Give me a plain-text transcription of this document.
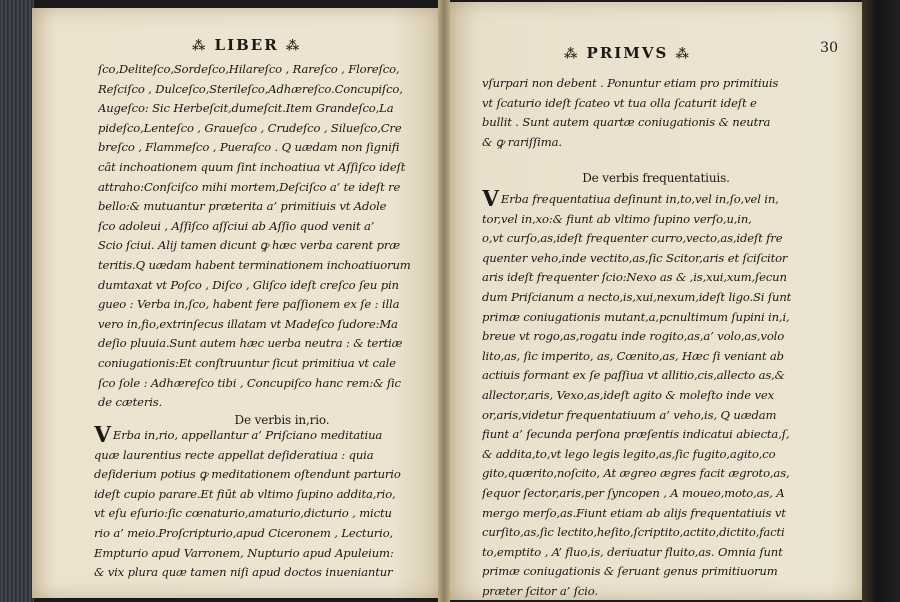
⁂ LIBER ⁂
ſco,Deliteſco,Sordeſco,Hilareſco , Rareſco , Floreſco,
Reſciſco , Dulceſco,Sterileſco,Adhæreſco.Concupiſco,
Augeſco: Sic Herbeſcit,dumeſcit.Item Grandeſco,La
pideſco,Lenteſco , Graueſco , Crudeſco , Siluеſco,Cre
breſco , Flammeſco , Pueraſco . Q uædam non ſignifi
cāt inchoationem quum ſint inchoatiua vt Aſſiſco ideſt
attraho:Conſciſco mihi mortem,Deſciſco a’ te ideſt re
bello:& mutuantur præterita a’ primitiuis vt Adole
ſco adoleui , Aſſiſco aſſciui ab Aſſio quod venit a’
Scio ſciui. Alij tamen dicunt ꝙ hæc verba carent præ
teritis.Q uædam habent terminationem inchoatiuorum
dumtaxat vt Poſco , Diſco , Gliſco ideſt creſco ſeu pin
gueo : Verba in,ſco, habent fere paſſionem ex ſe : illa
vero in,fio,extrinſecus illatam vt Madeſco ſudore:Ma
deſio pluuia.Sunt autem hæc uerba neutra : & tertiæ
coniugationis:Et conſtruuntur ſicut primitiua vt cale
ſco ſole : Adhæreſco tibi , Concupiſco hanc rem:& ſic
de cæteris.
De verbis in,rio.
V Erba in,rio, appellantur a’ Priſciano meditatiua
quæ laurentius recte appellat deſideratiua : quia
deſiderium potius ꝙ meditationem oſtendunt parturio
ideſt cupio parare.Et fiūt ab vltimo ſupino addita,rio,
vt eſu eſurio:ſic cœnaturio,amaturio,dicturio , mictu
rio a’ meio.Proſcripturio,apud Ciceronem , Lecturio,
Empturio apud Varronem, Nupturio apud Apuleium:
& vix plura quæ tamen niſi apud doctos inueniantur
⁂ PRIMVS ⁂	30
vſurpari non debent . Ponuntur etiam pro primitiuis
vt ſcaturio ideſt ſcateo vt tua olla ſcaturit ideſt e
bullit . Sunt autem quartæ coniugationis & neutra
& ꝙ rariſſima.
De verbis frequentatiuis.
V Erba frequentatiua deſinunt in,to,vel in,ſo,vel in,
tor,vel in,xo:& fiunt ab vltimo ſupino verſo,u,in,
o,vt curſo,as,ideſt frequenter curro,vecto,as,ideſt fre
quenter veho,inde vectito,as,ſic Scitor,aris et ſciſcitor
aris ideſt frequenter ſcio:Nexo as & ,is,xui,xum,ſecun
dum Priſcianum a necto,is,xui,nexum,ideſt ligo.Si ſunt
primæ coniugationis mutant,a,pcnultimum ſupini in,i,
breue vt rogo,as,rogatu inde rogito,as,a’ volo,as,volo
lito,as, ſic imperito, as, Cœnito,as, Hæc ſi veniant ab
actiuis formant ex ſe paſſiua vt allitio,cis,allecto as,&
allector,aris, Vexo,as,ideſt agito & moleſto inde vex
or,aris,videtur frequentatiuum a’ veho,is, Q uædam
fiunt a’ ſecunda perſona præſentis indicatui abiecta,ſ,
& addita,to,vt lego legis legito,as,ſic fugito,agito,co
gito,quærito,noſcito, At ægreo ægres facit ægroto,as,
ſequor ſector,aris,per ſyncopen , A moueo,moto,as, A
mergo merſo,as.Fiunt etiam ab alijs frequentatiuis vt
curſito,as,ſic lectito,heſito,ſcriptito,actito,dictito,facti
to,emptito , A’ fluo,is, deriuatur fluito,as. Omnia ſunt
primæ coniugationis & ſeruant genus primitiuorum
præter ſcitor a’ ſcio.
